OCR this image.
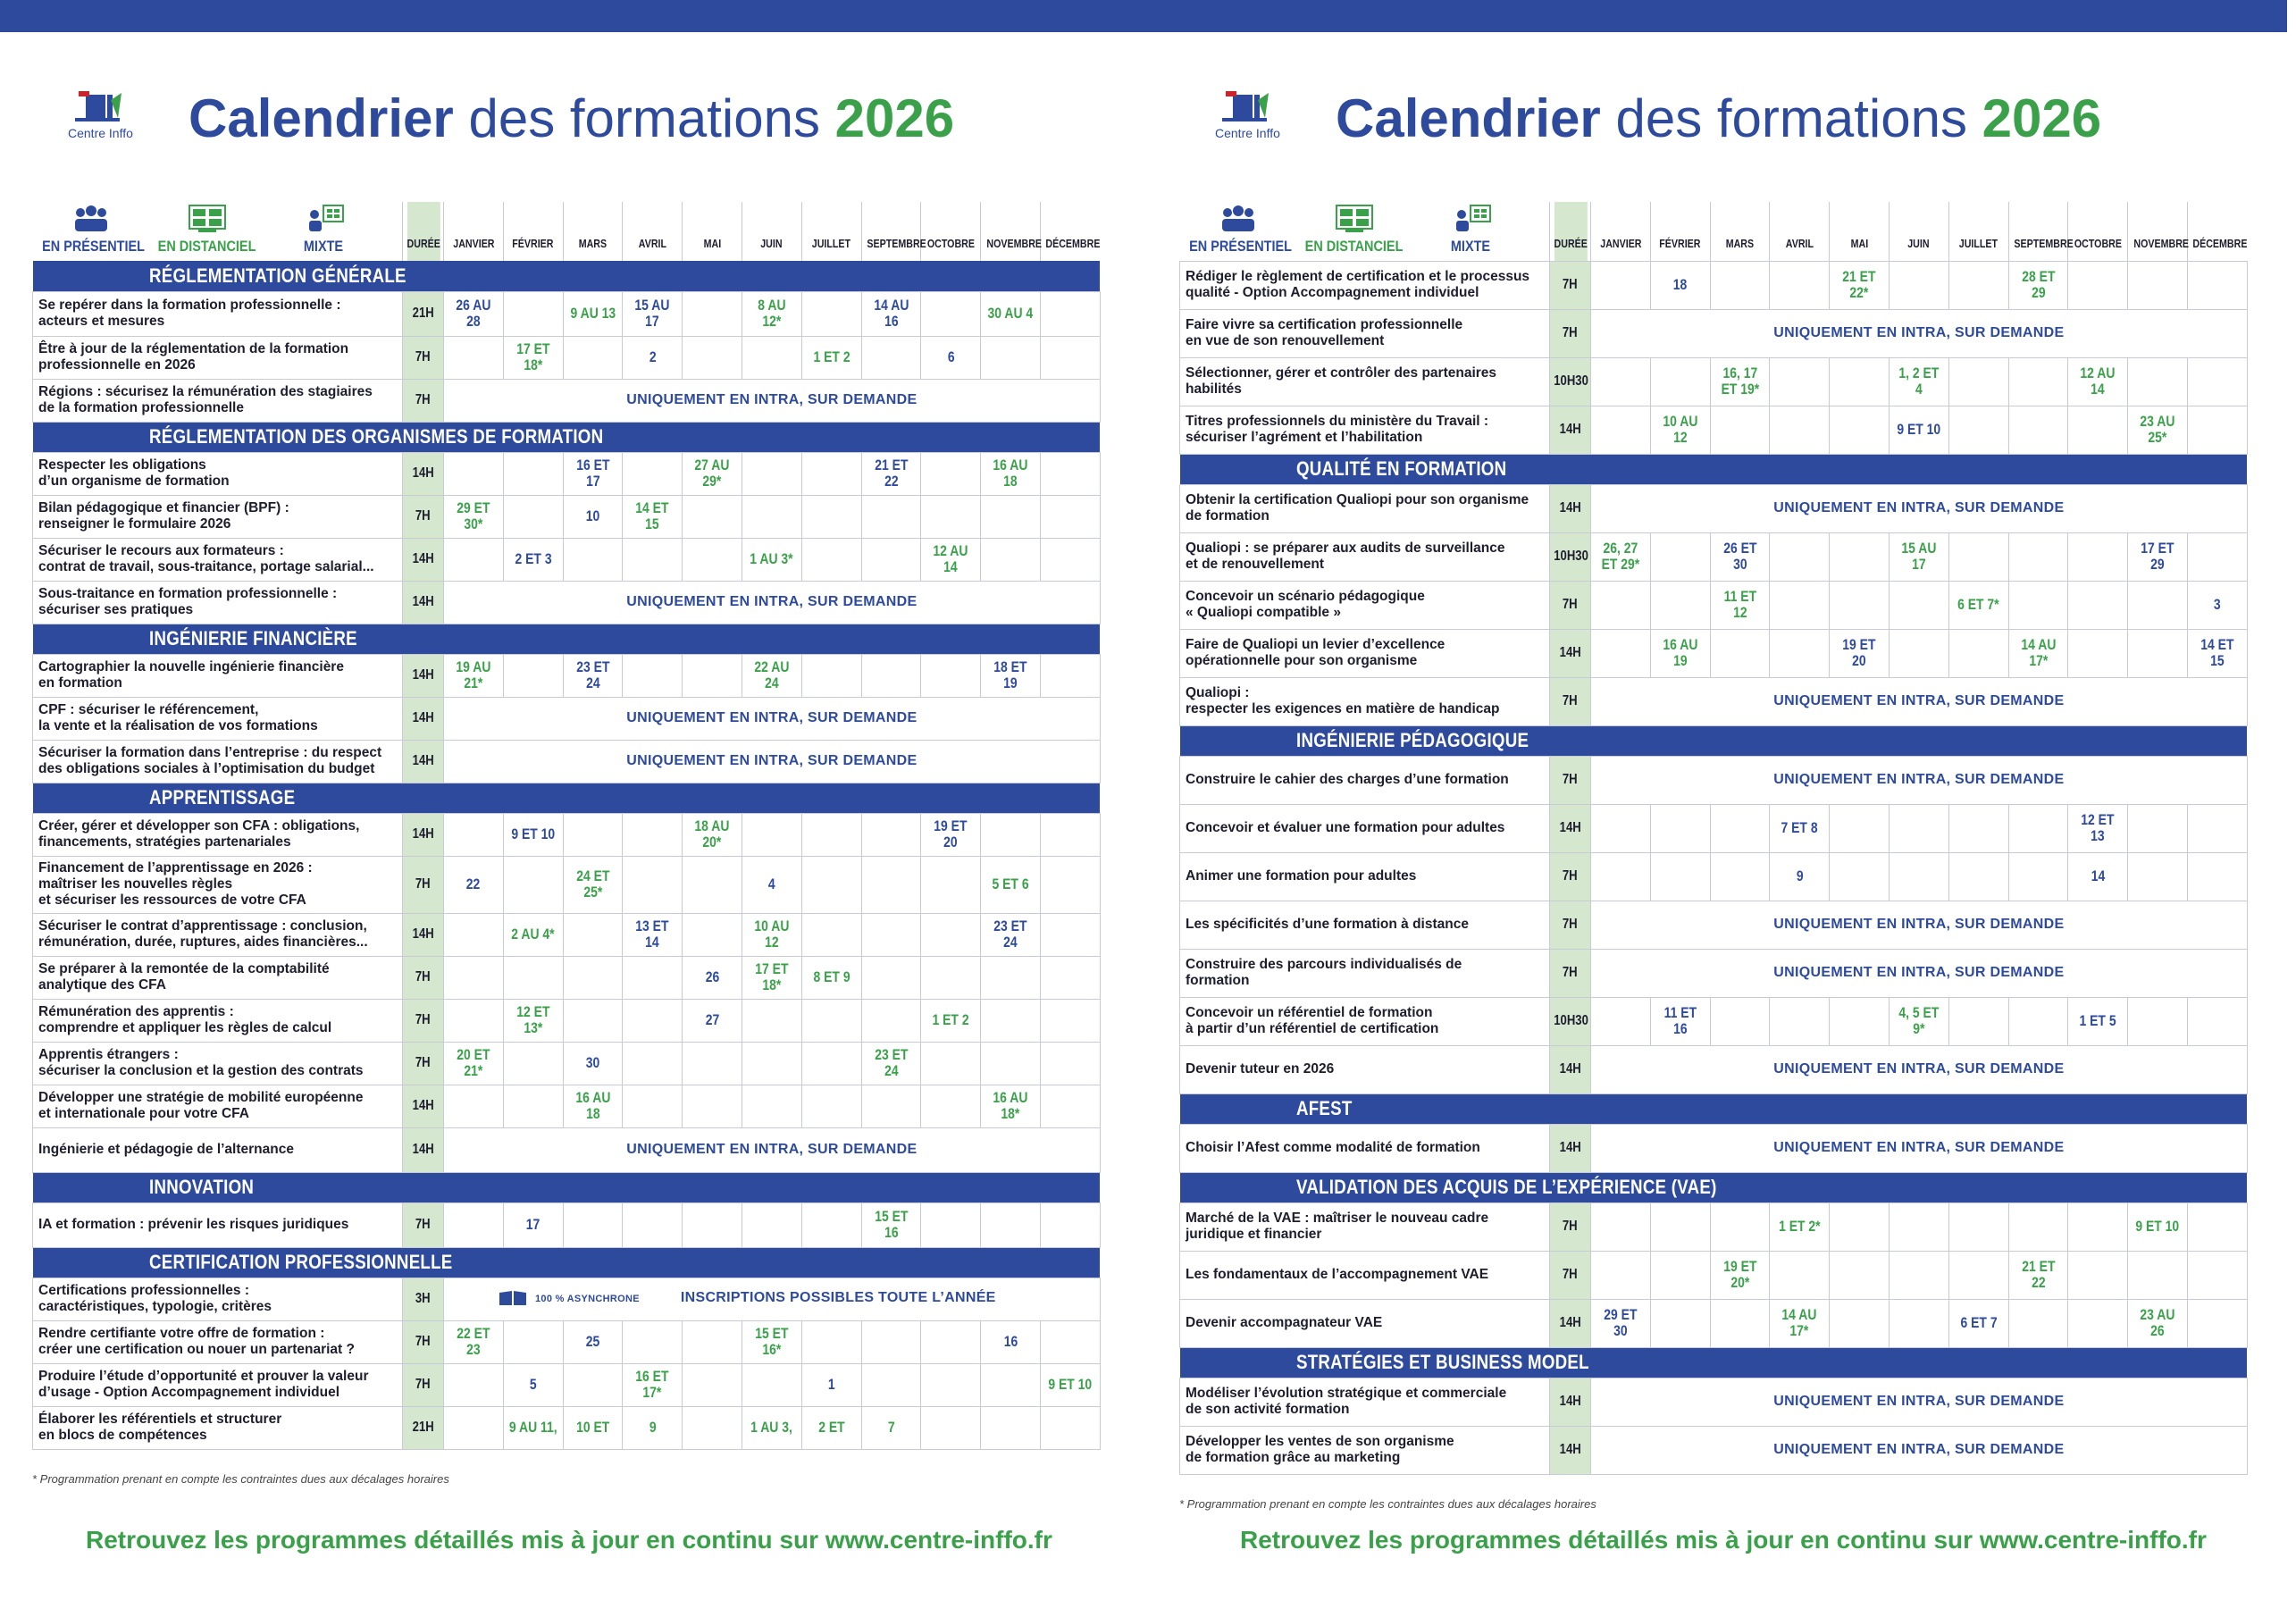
Centre Inffo Calendrier des formations 2026
EN PRÉSENTIEL EN DISTANCIEL MIXTE	DURÉE	JANVIER	FÉVRIER	MARS	AVRIL	MAI	JUIN	JUILLET	SEPTEMBRE	OCTOBRE	NOVEMBRE	DÉCEMBRE
RÉGLEMENTATION GÉNÉRALE												
Se repérer dans la formation professionnelle :
acteurs et mesures	21H	26 AU 28		9 AU 13	15 AU 17		8 AU 12*		14 AU 16		30 AU 4	
Être à jour de la réglementation de la formation
professionnelle en 2026	7H		17 ET 18*		2			1 ET 2		6		
Régions : sécurisez la rémunération des stagiaires
de la formation professionnelle	7H	UNIQUEMENT EN INTRA, SUR DEMANDE										
RÉGLEMENTATION DES ORGANISMES DE FORMATION												
Respecter les obligations
d’un organisme de formation	14H			16 ET 17		27 AU 29*			21 ET 22		16 AU 18	
Bilan pédagogique et financier (BPF) :
renseigner le formulaire 2026	7H	29 ET 30*		10	14 ET 15							
Sécuriser le recours aux formateurs :
contrat de travail, sous-traitance, portage salarial...	14H		2 ET 3				1 AU 3*			12 AU 14		
Sous-traitance en formation professionnelle :
sécuriser ses pratiques	14H	UNIQUEMENT EN INTRA, SUR DEMANDE										
INGÉNIERIE FINANCIÈRE												
Cartographier la nouvelle ingénierie financière
en formation	14H	19 AU 21*		23 ET 24			22 AU 24				18 ET 19	
CPF : sécuriser le référencement,
la vente et la réalisation de vos formations	14H	UNIQUEMENT EN INTRA, SUR DEMANDE										
Sécuriser la formation dans l’entreprise : du respect
des obligations sociales à l’optimisation du budget	14H	UNIQUEMENT EN INTRA, SUR DEMANDE										
APPRENTISSAGE												
Créer, gérer et développer son CFA : obligations,
financements, stratégies partenariales	14H		9 ET 10			18 AU 20*				19 ET 20		
Financement de l’apprentissage en 2026 :
maîtriser les nouvelles règles
et sécuriser les ressources de votre CFA	7H	22		24 ET 25*			4				5 ET 6	
Sécuriser le contrat d’apprentissage : conclusion,
rémunération, durée, ruptures, aides financières...	14H		2 AU 4*		13 ET 14		10 AU 12				23 ET 24	
Se préparer à la remontée de la comptabilité
analytique des CFA	7H					26	17 ET 18*	8 ET 9				
Rémunération des apprentis :
comprendre et appliquer les règles de calcul	7H		12 ET 13*			27				1 ET 2		
Apprentis étrangers :
sécuriser la conclusion et la gestion des contrats	7H	20 ET 21*		30					23 ET 24			
Développer une stratégie de mobilité européenne
et internationale pour votre CFA	14H			16 AU 18							16 AU 18*	
Ingénierie et pédagogie de l’alternance	14H	UNIQUEMENT EN INTRA, SUR DEMANDE										
INNOVATION												
IA et formation : prévenir les risques juridiques	7H		17						15 ET 16			
CERTIFICATION PROFESSIONNELLE												
Certifications professionnelles :
caractéristiques, typologie, critères	3H	100 % ASYNCHRONE INSCRIPTIONS POSSIBLES TOUTE L’ANNÉE										
Rendre certifiante votre offre de formation :
créer une certification ou nouer un partenariat ?	7H	22 ET 23		25			15 ET 16*				16	
Produire l’étude d’opportunité et prouver la valeur
d’usage - Option Accompagnement individuel	7H		5		16 ET 17*			1				9 ET 10
Élaborer les référentiels et structurer
en blocs de compétences	21H		9 AU 11,	10 ET	9		1 AU 3,	2 ET	7			
* Programmation prenant en compte les contraintes dues aux décalages horaires
Retrouvez les programmes détaillés mis à jour en continu sur www.centre-inffo.fr
Centre Inffo Calendrier des formations 2026
EN PRÉSENTIEL EN DISTANCIEL MIXTE	DURÉE	JANVIER	FÉVRIER	MARS	AVRIL	MAI	JUIN	JUILLET	SEPTEMBRE	OCTOBRE	NOVEMBRE	DÉCEMBRE
Rédiger le règlement de certification et le processus
qualité - Option Accompagnement individuel	7H		18			21 ET 22*			28 ET 29			
Faire vivre sa certification professionnelle
en vue de son renouvellement	7H	UNIQUEMENT EN INTRA, SUR DEMANDE										
Sélectionner, gérer et contrôler des partenaires
habilités	10H30			16, 17 ET 19*			1, 2 ET 4			12 AU 14		
Titres professionnels du ministère du Travail :
sécuriser l’agrément et l’habilitation	14H		10 AU 12				9 ET 10				23 AU 25*	
QUALITÉ EN FORMATION												
Obtenir la certification Qualiopi pour son organisme
de formation	14H	UNIQUEMENT EN INTRA, SUR DEMANDE										
Qualiopi : se préparer aux audits de surveillance
et de renouvellement	10H30	26, 27 ET 29*		26 ET 30			15 AU 17				17 ET 29	
Concevoir un scénario pédagogique
« Qualiopi compatible »	7H			11 ET 12				6 ET 7*				3
Faire de Qualiopi un levier d’excellence
opérationnelle pour son organisme	14H		16 AU 19			19 ET 20			14 AU 17*			14 ET 15
Qualiopi :
respecter les exigences en matière de handicap	7H	UNIQUEMENT EN INTRA, SUR DEMANDE										
INGÉNIERIE PÉDAGOGIQUE												
Construire le cahier des charges d’une formation	7H	UNIQUEMENT EN INTRA, SUR DEMANDE										
Concevoir et évaluer une formation pour adultes	14H				7 ET 8					12 ET 13		
Animer une formation pour adultes	7H				9					14		
Les spécificités d’une formation à distance	7H	UNIQUEMENT EN INTRA, SUR DEMANDE										
Construire des parcours individualisés de
formation	7H	UNIQUEMENT EN INTRA, SUR DEMANDE										
Concevoir un référentiel de formation
à partir d’un référentiel de certification	10H30		11 ET 16				4, 5 ET 9*			1 ET 5		
Devenir tuteur en 2026	14H	UNIQUEMENT EN INTRA, SUR DEMANDE										
AFEST												
Choisir l’Afest comme modalité de formation	14H	UNIQUEMENT EN INTRA, SUR DEMANDE										
VALIDATION DES ACQUIS DE L’EXPÉRIENCE (VAE)												
Marché de la VAE : maîtriser le nouveau cadre
juridique et financier	7H				1 ET 2*						9 ET 10	
Les fondamentaux de l’accompagnement VAE	7H			19 ET 20*					21 ET 22			
Devenir accompagnateur VAE	14H	29 ET 30			14 AU 17*			6 ET 7			23 AU 26	
STRATÉGIES ET BUSINESS MODEL												
Modéliser l’évolution stratégique et commerciale
de son activité formation	14H	UNIQUEMENT EN INTRA, SUR DEMANDE										
Développer les ventes de son organisme
de formation grâce au marketing	14H	UNIQUEMENT EN INTRA, SUR DEMANDE										
* Programmation prenant en compte les contraintes dues aux décalages horaires
Retrouvez les programmes détaillés mis à jour en continu sur www.centre-inffo.fr
